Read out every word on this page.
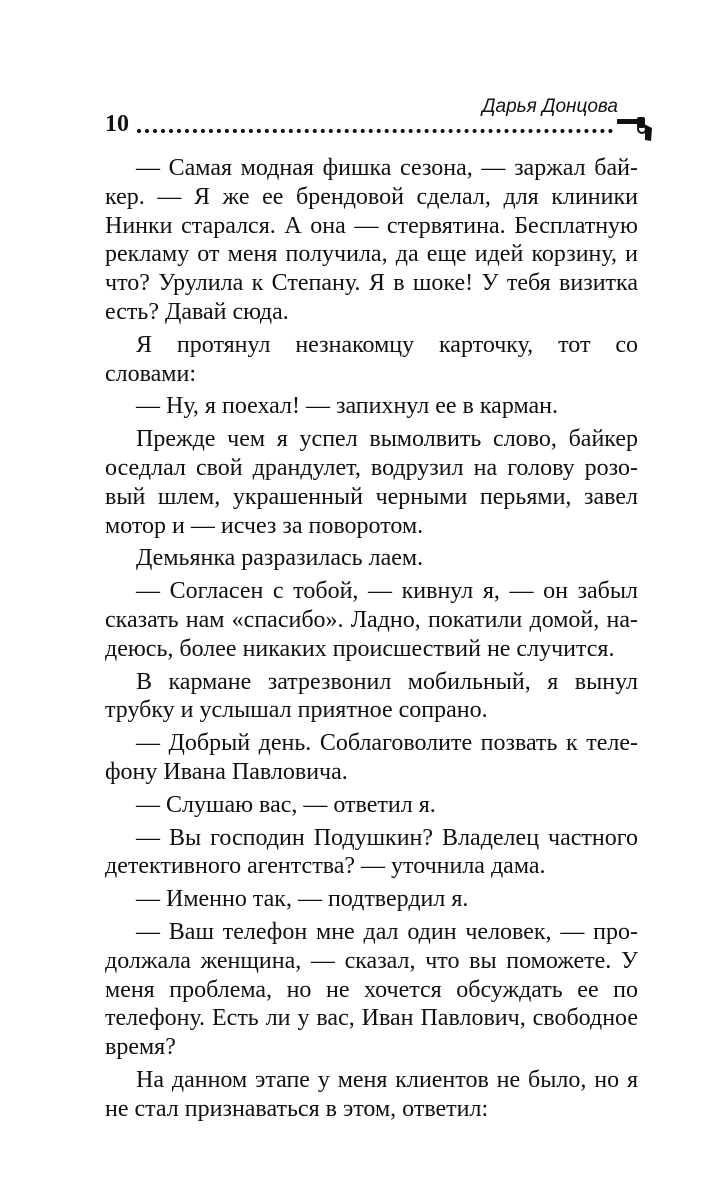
10
Дарья Донцова

— Самая модная фишка сезона, — заржал байкер. — Я же ее брендовой сделал, для клиники Нинки старался. А она — стервятина. Бесплатную рекламу от меня получила, да еще идей корзину, и что? Урулила к Степану. Я в шоке! У тебя визитка есть? Давай сюда.

Я протянул незнакомцу карточку, тот со словами:

— Ну, я поехал! — запихнул ее в карман.

Прежде чем я успел вымолвить слово, байкер оседлал свой драндулет, водрузил на голову розовый шлем, украшенный черными перьями, завел мотор и — исчез за поворотом.

Демьянка разразилась лаем.

— Согласен с тобой, — кивнул я, — он забыл сказать нам «спасибо». Ладно, покатили домой, надеюсь, более никаких происшествий не случится.

В кармане затрезвонил мобильный, я вынул трубку и услышал приятное сопрано.

— Добрый день. Соблаговолите позвать к телефону Ивана Павловича.

— Слушаю вас, — ответил я.

— Вы господин Подушкин? Владелец частного детективного агентства? — уточнила дама.

— Именно так, — подтвердил я.

— Ваш телефон мне дал один человек, — продолжала женщина, — сказал, что вы поможете. У меня проблема, но не хочется обсуждать ее по телефону. Есть ли у вас, Иван Павлович, свободное время?

На данном этапе у меня клиентов не было, но я не стал признаваться в этом, ответил:
